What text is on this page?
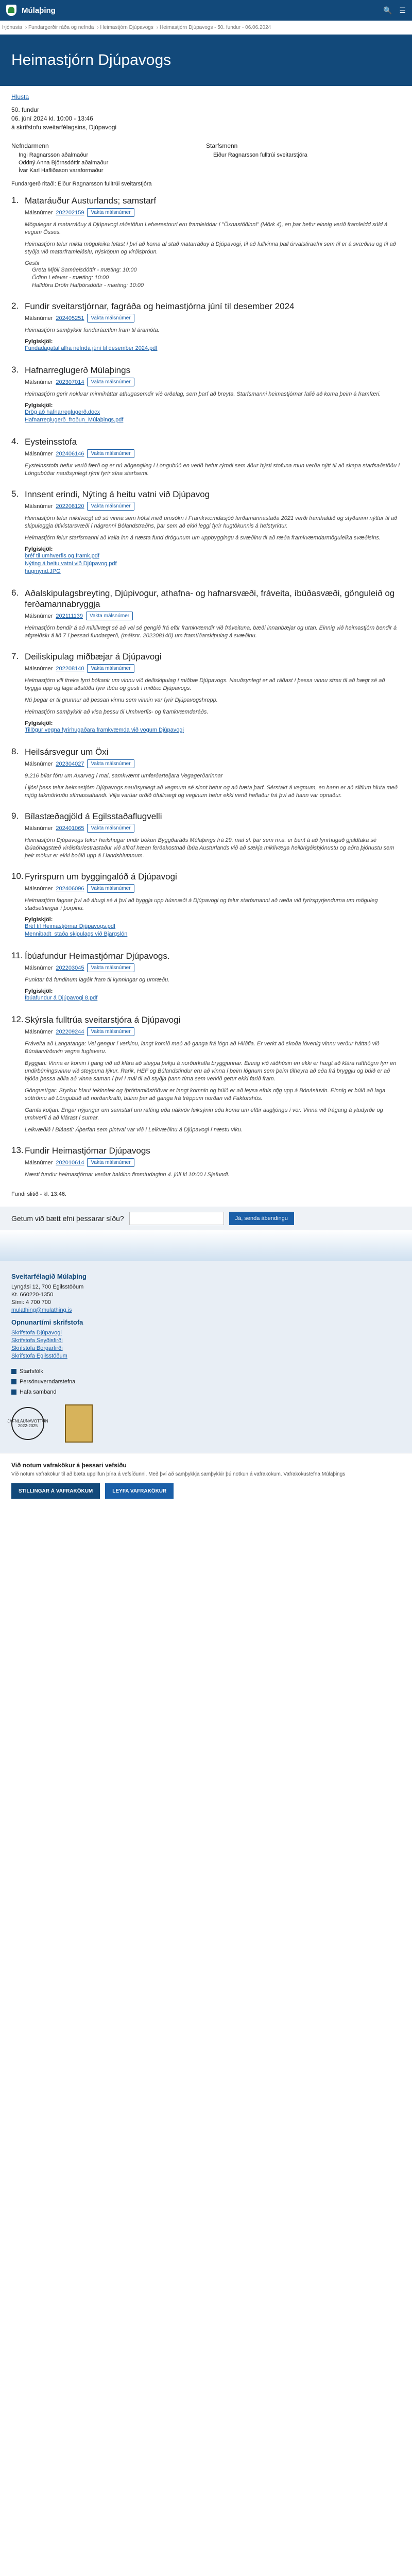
Múlaþing	🔍 ☰
Þjónusta › Fundargerðir ráða og nefnda › Heimastjórn Djúpavogs › Heimastjórn Djúpavogs - 50. fundur - 06.06.2024
Heimastjórn Djúpavogs
Hlusta

50. fundur

06. júní 2024 kl. 10:00 - 13:46

á skrifstofu sveitarfélagsins, Djúpavogi

Nefndarmenn

Ingi Ragnarsson aðalmaður

Oddný Anna Björnsdóttir aðalmaður

Ívar Karl Hafliðason varaformaður

Starfsmenn

Eiður Ragnarsson fulltrúi sveitarstjóra

Fundargerð ritaði: Eiður Ragnarsson fulltrúi sveitarstjóra

1. Mataráuður Austurlands; samstarf
Málsnúmer 202202159	Vakta málsnúmer

Mögulegar á matarráðuy á Djúpavogi ráðstöfun Lefverestouri eru framleiddar í "Öxnastöðinni" (Mörk 4), en þar hefur einnig verið framleidd súld á vegum Össes.

Heimastjórn telur mikla möguleika felast í því að koma af stað matarráðuy á Djúpavogi, til að fullvinna þall úrvalstiraefni sem til er á svæðinu og til að styðja við matarframleiðslu, nýsköpun og virðisþróun.

Gestir
Greta Mjöll Samúelsdóttir - mæting: 10:00
Ödinn Lefever - mæting: 10:00
Halldóra Dröfn Hafþórsdóttir - mæting: 10:00
2. Fundir sveitarstjórnar, fagráða og heimastjórna júní til desember 2024
Málsnúmer 202405251	Vakta málsnúmer

Heimastjórn samþykkir fundaráætlun fram til áramóta.

Fylgiskjöl:
Fundadagatal allra nefnda júní til desember 2024.pdf
3. Hafnarreglugerð Múlaþings
Málsnúmer 202307014	Vakta málsnúmer

Heimastjórn gerir nokkrar minniháttar athugasemdir við orðalag, sem þarf að breyta. Starfsmanni heimastjórnar falið að koma þeim á framfæri.

Fylgiskjöl:
Drög að hafnarreglugerð.docx
Hafnarreglugerð_froðun_Múlaþings.pdf
4. Eysteinsstofa
Málsnúmer 202406146	Vakta málsnúmer

Eysteinsstofa hefur verið færð og er nú aðgengileg í Löngubúð en verið hefur rýmdi sem áður hýsti stofuna mun verða nýtt til að skapa starfsaðstöðu í Löngubúðar nauðsynlegt rými fyrir sína starfsemi.

5. Innsent erindi, Nýting á heitu vatni við Djúpavog
Málsnúmer 202208120	Vakta málsnúmer

Heimastjórn telur mikilvægt að sú vinna sem hófst með umsókn í Framkvæmdasjóð ferðamannastaða 2021 verði framhaldið og styðurinn nýttur til að skipuleggja útivistarsvæði í nágrenni Bólandstraðhs, þar sem að ekki leggi fyrir hugtökunnis á hefstyrktur.

Heimastjórn felur starfsmanni að kalla inn á næsta fund drögunum um uppbyggingu á svæðinu til að ræða framkvæmdarmöguleika svæðisins.

Fylgiskjöl:
bréf til umhverfis og framk.pdf
Nýting á heitu vatni við Djúpavog.pdf
hugmynd.JPG
6. Aðalskipulagsbreyting, Djúpivogur, athafna- og hafnarsvæði, fráveita, íbúðasvæði, göngulеið og ferðamannabryggja
Málsnúmer 202111139	Vakta málsnúmer

Heimastjórn bendir á að mikilvægt sé að vel sé gengið frá eftir framkvæmdir við fráveituna, bæði innanbæjar og utan. Einnig við heimastjórn bendir á afgreiðslu á lið 7 í þessari fundargerð, (málsnr. 202208140) um framtíðarskipulag á svæðinu.

7. Deiliskipulag miðbæjar á Djúpavogi
Málsnúmer 202208140	Vakta málsnúmer

Heimastjórn vill ítreka fyrri bókanir um vinnu við deiliskipulag í miðbæ Djúpavogs. Nauðsynlegt er að ráðast í þessa vinnu strax til að hægt sé að byggja upp og laga aðstöðu fyrir íbúa og gesti í miðbæ Djúpavogs.

Nú þegar er til grunnur að þessari vinnu sem vinnin var fyrir Djúpavogshrepp.

Heimastjórn samþykkir að vísa þessu til Umhverfis- og framkvæmdaráðs.

Fylgiskjöl:
Tillögur vegna fyrirhugaðara framkvæmda við vogum Djúpavogi
8. Heilsársvegur um Öxi
Málsnúmer 202304027	Vakta málsnúmer

9.216 bílar fóru um Axarveg í maí, samkvæmt umferðarteljara Vegagerðarinnar

Í ljósi þess telur heimastjórn Djúpavogs nauðsynlegt að vegmum sé sinnt betur og að bæta þarf. Sérstakt á vegmum, en hann er að slitlum hluta með mjög takmörkuðu slímassahandi. Vilja varúar orðið ófullnægt og veginum hefur ekki verið heflaður frá því að hann var opnaður.

9. Bílastæðagjöld á Egilsstaðaflugvelli
Málsnúmer 202401065	Vakta málsnúmer

Heimastjórn Djúpavogs tekur heilshugar undir bókun Byggðaráðs Múlaþings frá 29. maí sl. þar sem m.a. er bent á að fyrirhuguð gjaldtaka sé íbúaóhagstæð virðisfarlestrastaður við alfrof hæan ferðakostnað íbúa Austurlands við að sækja miklivægа heilbrigðisþjónustu og aðra þjónustu sem þeir mökur er ekki boðið upp á í landshlutanum.

10. Fyrirspurn um byggingalóð á Djúpavogi
Málsnúmer 202406096	Vakta málsnúmer

Heimastjórn fagnar því að áhugi sé á því að byggja upp húsnæði á Djúpavogi og felur starfsmanni að ræða við fyrirspyrjendurna um möguleg staðsetningar í þorpinu.

Fylgiskjöl:
Bréf til Heimastjórnar Djúpavogs.pdf
Mennibadt_staða skipulags við Bjargslón
11. Íbúafundur Heimastjórnar Djúpavogs.
Málsnúmer 202203045	Vakta málsnúmer

Punktar frá fundinum lagðir fram til kynningar og umræðu.

Fylgiskjöl:
Íbúafundur á Djúpavogi 8.pdf
12. Skýrsla fulltrúa sveitarstjóra á Djúpavogi
Málsnúmer 202209244	Vakta málsnúmer

Fráveita að Langatanga: Vel gengur í verkinu, langt komið með að ganga frá lögn að Hlíðfla. Er verkt að skoða lóvenig vinnu verður háttað við Búnáarvírðuvin vegna fuglaveru.

Byggjan: Vinna er komin í gang við að klára að steypa þekju á norðurkafla bryggjunnar. Einnig við ráðhúsin en ekki er hægt að klára rafthögrn fyrr en undirbúningsvinnu við steypuna lýkur. Rarik, HEF og Búlandstindur eru að vinna í þeim lögnum sem þeim tilheyra að eða frá bryggju og búið er að bjóða þessa aðila að vinna saman í því í mál til að styðja þann tíma sem verkið getur ekki farið fram.

Göngustígar: Styrkur hlaut tekinnlek og íþróttamiðstöðvar er langt komnin og búið er að leysa efnis ofjg upp á Bónásíuvin. Einnig er búið að laga sóttrömu að Löngubúð að norðankrafti, búinn þar að ganga frá tréppum norðan við Faktorshús.

Gamla kotjan: Engar nýjungar um samstarf um rafting eða nákvöv leiksýnin eða komu um efttir augljóngu í vor. Vinna við frágang á ytudyrðir og umhverfi á að klárast í sumar.

Leikvæðið í Bláasti: Áþerfan sem pintval var við í Leikvæðinu á Djúpavogi í næstu viku.

13. Fundir Heimastjórnar Djúpavogs
Málsnúmer 202010614	Vakta málsnúmer

Næsti fundur heimastjórnar verður haldinn fimmtudaginn 4. júlí kl 10:00 í Sjefundi.

Fundi slitið - kl. 13:46.

Getum við bætt efni þessarar síðu?	Já, senda ábendingu
Sveitarfélagið Múlaþing

Lyngási 12, 700 Egilsstöðum

Kt. 660220-1350

Sími: 4 700 700

mulathing@mulathing.is

Opnunartími skrifstofa
Skrifstofa Djúpavogi
Skrifstofa Seyðisfirði
Skrifstofa Borgarfirði
Skrifstofa Egilsstöðum
Starfsfólk
Persónuverndarstefna
Hafa samband
JAFNLAUNAVOTTUN 2022-2025
Við notum vafrakökur á þessari vefsíðu

Við notum vafrakökur til að bæta upplifun þína á vefsíðunni. Með því að samþykkja samþykkir þú notkun á vafrakökum. Vafrakökustefna Múlaþings

STILLINGAR Á VAFRAKÖKUM	LEYFA VAFRAKÖKUR
